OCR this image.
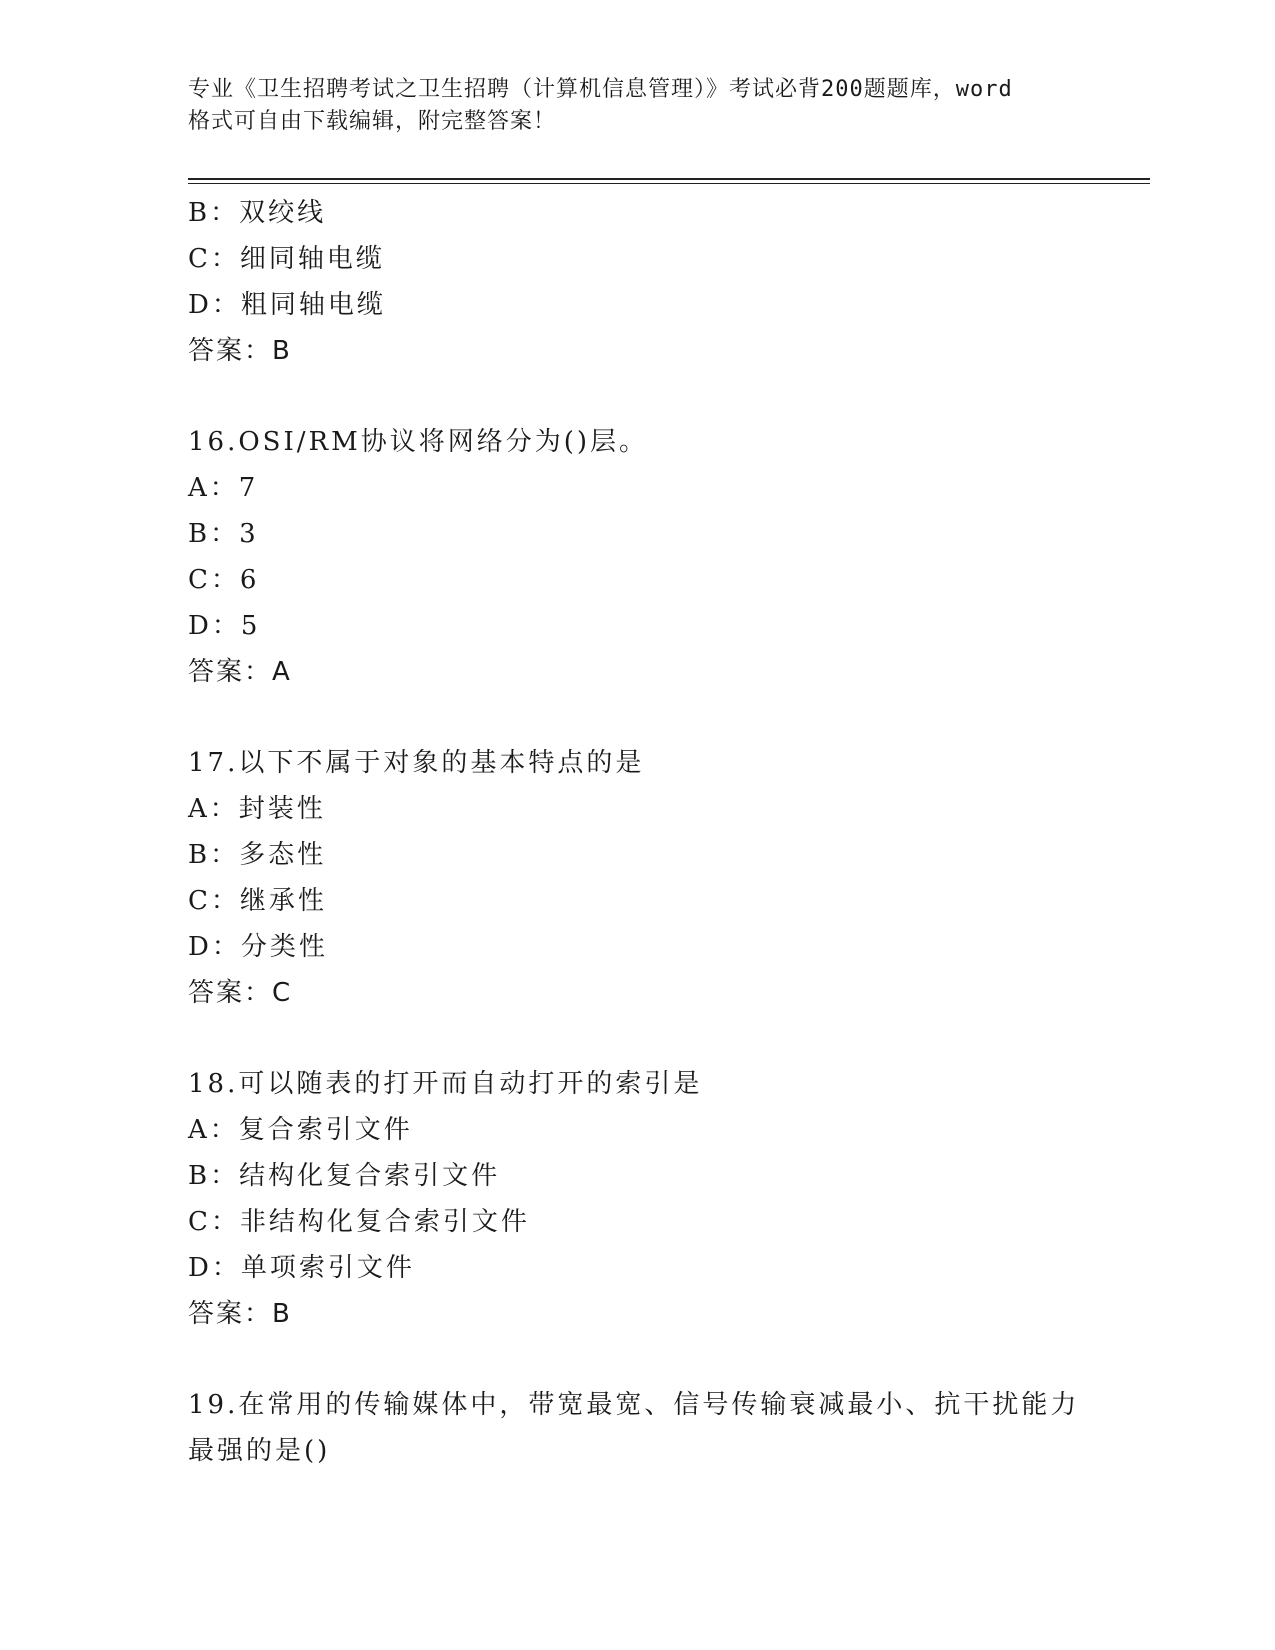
专业《卫生招聘考试之卫生招聘（计算机信息管理）》考试必背200题题库，word
格式可自由下载编辑，附完整答案！
B：双绞线
C：细同轴电缆
D：粗同轴电缆
答案：B
16.OSI/RM协议将网络分为()层。
A：7
B：3
C：6
D：5
答案：A
17.以下不属于对象的基本特点的是
A：封装性
B：多态性
C：继承性
D：分类性
答案：C
18.可以随表的打开而自动打开的索引是
A：复合索引文件
B：结构化复合索引文件
C：非结构化复合索引文件
D：单项索引文件
答案：B
19.在常用的传输媒体中，带宽最宽、信号传输衰减最小、抗干扰能力
最强的是()
